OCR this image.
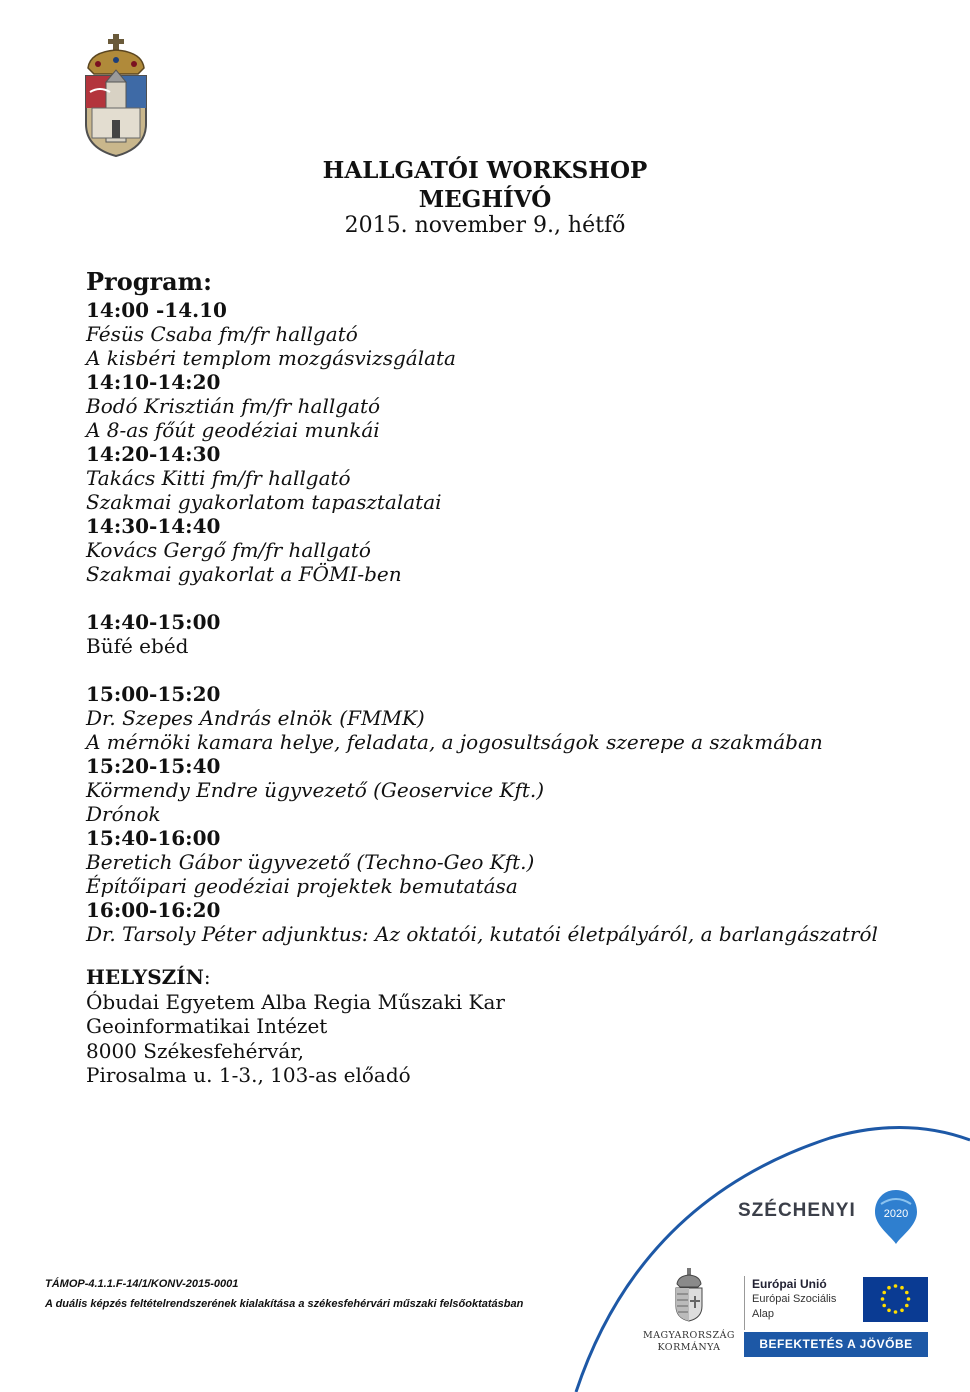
HALLGATÓI WORKSHOP
MEGHÍVÓ
2015. november 9., hétfő
Program:
14:00 -14.10
Fésüs Csaba fm/fr hallgató
A kisbéri templom mozgásvizsgálata
14:10-14:20
Bodó Krisztián fm/fr hallgató
A 8-as főút geodéziai munkái
14:20-14:30
Takács Kitti fm/fr hallgató
Szakmai gyakorlatom tapasztalatai
14:30-14:40
Kovács Gergő fm/fr hallgató
Szakmai gyakorlat a FÖMI-ben
14:40-15:00
Büfé ebéd
15:00-15:20
Dr. Szepes András elnök (FMMK)
A mérnöki kamara helye, feladata, a jogosultságok szerepe a szakmában
15:20-15:40
Körmendy Endre ügyvezető (Geoservice Kft.)
Drónok
15:40-16:00
Beretich Gábor ügyvezető (Techno-Geo Kft.)
Építőipari geodéziai projektek bemutatása
16:00-16:20
Dr. Tarsoly Péter adjunktus: Az oktatói, kutatói életpályáról, a barlangászatról
HELYSZÍN:
Óbudai Egyetem Alba Regia Műszaki Kar
Geoinformatikai Intézet
8000 Székesfehérvár,
Pirosalma u. 1-3., 103-as előadó
SZÉCHENYI	2020
TÁMOP-4.1.1.F-14/1/KONV-2015-0001
A duális képzés feltételrendszerének kialakítása a székesfehérvári műszaki felsőoktatásban
MAGYARORSZÁG
KORMÁNYA
Európai Unió
Európai Szociális
Alap
BEFEKTETÉS A JÖVŐBE
